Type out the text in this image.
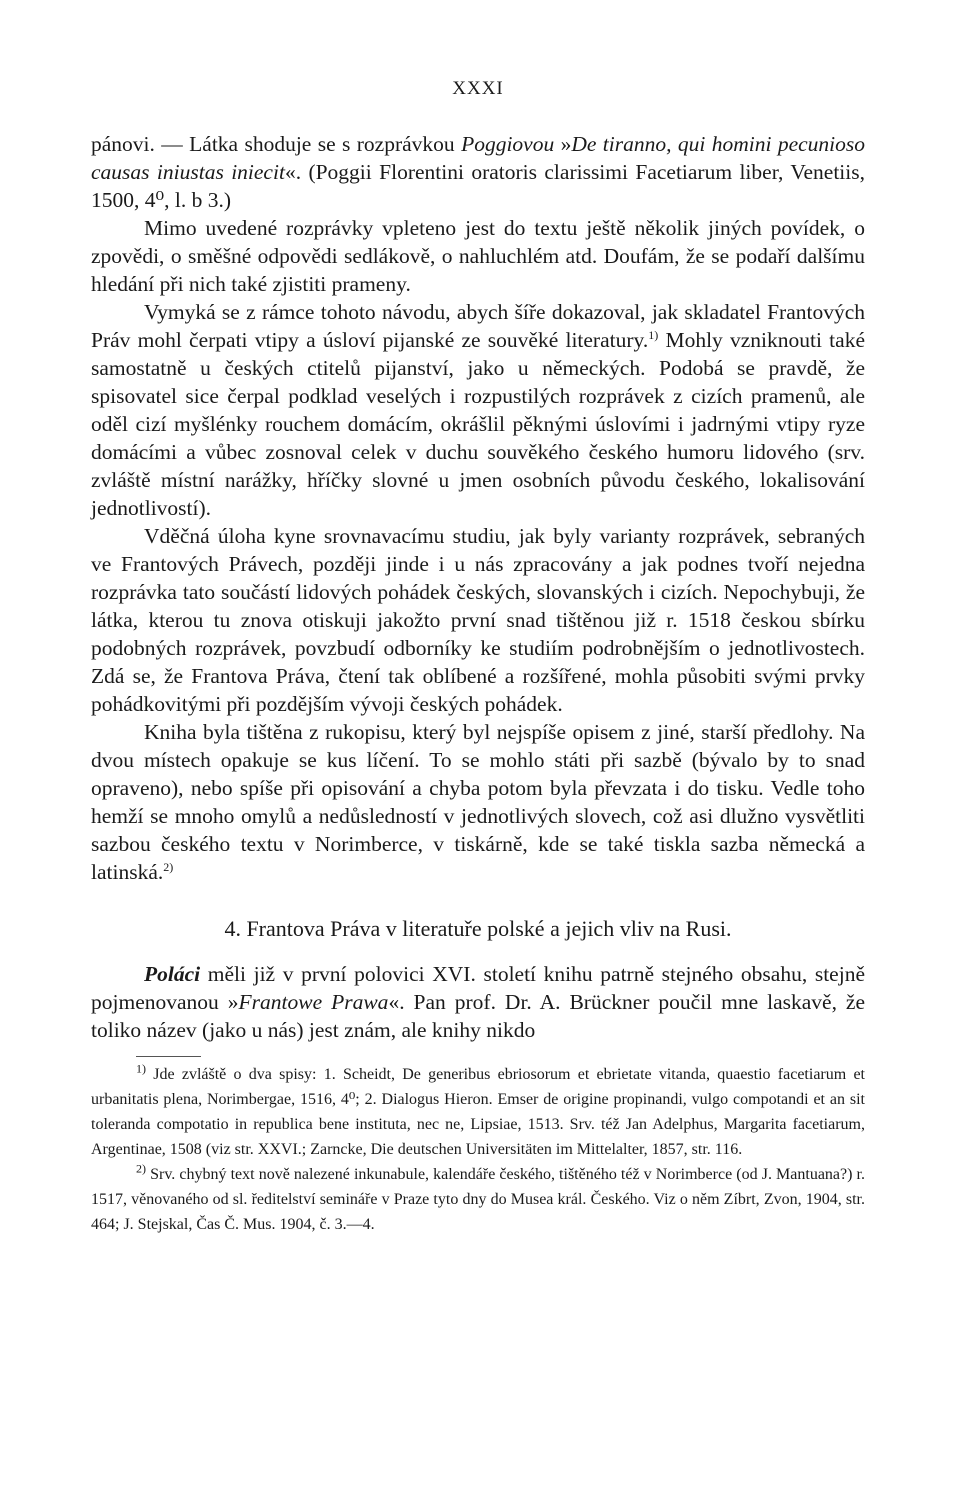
XXXI

pánovi. — Látka shoduje se s rozprávkou Poggiovou »De tiranno, qui homini pecunioso causas iniustas iniecit«. (Poggii Florentini oratoris clarissimi Facetiarum liber, Venetiis, 1500, 4⁰, l. b 3.)

Mimo uvedené rozprávky vpleteno jest do textu ještě několik jiných povídek, o zpovědi, o směšné odpovědi sedlákově, o nahluchlém atd. Doufám, že se podaří dalšímu hledání při nich také zjistiti prameny.

Vymyká se z rámce tohoto návodu, abych šíře dokazoval, jak skladatel Frantových Práv mohl čerpati vtipy a úsloví pijanské ze souvěké literatury.$^{1)}$ Mohly vzniknouti také samostatně u českých ctitelů pijanství, jako u německých. Podobá se pravdě, že spisovatel sice čerpal podklad veselých i rozpustilých rozprávek z cizích pramenů, ale oděl cizí myšlénky rouchem domácím, okrášlil pěknými úslovími i jadrnými vtipy ryze domácími a vůbec zosnoval celek v duchu souvěkého českého humoru lidového (srv. zvláště místní narážky, hříčky slovné u jmen osobních původu českého, lokalisování jednotlivostí).

Vděčná úloha kyne srovnavacímu studiu, jak byly varianty rozprávek, sebraných ve Frantových Právech, později jinde i u nás zpracovány a jak podnes tvoří nejedna rozprávka tato součástí lidových pohádek českých, slovanských i cizích. Nepochybuji, že látka, kterou tu znova otiskuji jakožto první snad tištěnou již r. 1518 českou sbírku podobných rozprávek, povzbudí odborníky ke studiím podrobnějším o jednotlivostech. Zdá se, že Frantova Práva, čtení tak oblíbené a rozšířené, mohla působiti svými prvky pohádkovitými při pozdějším vývoji českých pohádek.

Kniha byla tištěna z rukopisu, který byl nejspíše opisem z jiné, starší předlohy. Na dvou místech opakuje se kus líčení. To se mohlo státi při sazbě (bývalo by to snad opraveno), nebo spíše při opisování a chyba potom byla převzata i do tisku. Vedle toho hemží se mnoho omylů a nedůsledností v jednotlivých slovech, což asi dlužno vysvětliti sazbou českého textu v Norimberce, v tiskárně, kde se také tiskla sazba německá a latinská.$^{2)}$

4. Frantova Práva v literatuře polské a jejich vliv na Rusi.

Poláci měli již v první polovici XVI. století knihu patrně stejného obsahu, stejně pojmenovanou »Frantowe Prawa«. Pan prof. Dr. A. Brückner poučil mne laskavě, že toliko název (jako u nás) jest znám, ale knihy nikdo

$^{1)}$ Jde zvláště o dva spisy: 1. Scheidt, De generibus ebriosorum et ebrietate vitanda, quaestio facetiarum et urbanitatis plena, Norimbergae, 1516, 4⁰; 2. Dialogus Hieron. Emser de origine propinandi, vulgo compotandi et an sit toleranda compotatio in republica bene instituta, nec ne, Lipsiae, 1513. Srv. též Jan Adelphus, Margarita facetiarum, Argentinae, 1508 (viz str. XXVI.; Zarncke, Die deutschen Universitäten im Mittelalter, 1857, str. 116.

$^{2)}$ Srv. chybný text nově nalezené inkunabule, kalendáře českého, tištěného též v Norimberce (od J. Mantuana?) r. 1517, věnovaného od sl. ředitelství semináře v Praze tyto dny do Musea král. Českého. Viz o něm Zíbrt, Zvon, 1904, str. 464; J. Stejskal, Čas Č. Mus. 1904, č. 3.—4.
